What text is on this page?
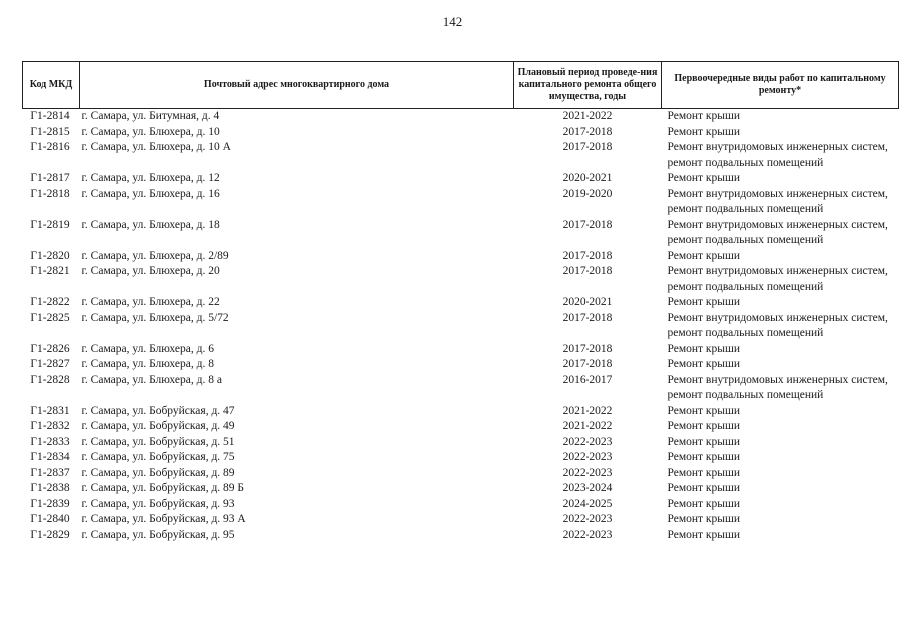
142
Код МКД	Почтовый адрес многоквартирного дома	Плановый период проведе-ния капитального ремонта общего имущества, годы	Первоочередные виды работ по капитальному ремонту*
Г1-2814	г. Самара, ул. Битумная, д. 4	2021-2022	Ремонт крыши

Г1-2815	г. Самара, ул. Блюхера, д. 10	2017-2018	Ремонт крыши

Г1-2816	г. Самара, ул. Блюхера, д. 10 А	2017-2018	Ремонт внутридомовых инженерных систем,
ремонт подвальных помещений

Г1-2817	г. Самара, ул. Блюхера, д. 12	2020-2021	Ремонт крыши

Г1-2818	г. Самара, ул. Блюхера, д. 16	2019-2020	Ремонт внутридомовых инженерных систем,
ремонт подвальных помещений

Г1-2819	г. Самара, ул. Блюхера, д. 18	2017-2018	Ремонт внутридомовых инженерных систем,
ремонт подвальных помещений

Г1-2820	г. Самара, ул. Блюхера, д. 2/89	2017-2018	Ремонт крыши

Г1-2821	г. Самара, ул. Блюхера, д. 20	2017-2018	Ремонт внутридомовых инженерных систем,
ремонт подвальных помещений

Г1-2822	г. Самара, ул. Блюхера, д. 22	2020-2021	Ремонт крыши

Г1-2825	г. Самара, ул. Блюхера, д. 5/72	2017-2018	Ремонт внутридомовых инженерных систем,
ремонт подвальных помещений

Г1-2826	г. Самара, ул. Блюхера, д. 6	2017-2018	Ремонт крыши

Г1-2827	г. Самара, ул. Блюхера, д. 8	2017-2018	Ремонт крыши

Г1-2828	г. Самара, ул. Блюхера, д. 8 а	2016-2017	Ремонт внутридомовых инженерных систем,
ремонт подвальных помещений

Г1-2831	г. Самара, ул. Бобруйская, д. 47	2021-2022	Ремонт крыши

Г1-2832	г. Самара, ул. Бобруйская, д. 49	2021-2022	Ремонт крыши

Г1-2833	г. Самара, ул. Бобруйская, д. 51	2022-2023	Ремонт крыши

Г1-2834	г. Самара, ул. Бобруйская, д. 75	2022-2023	Ремонт крыши

Г1-2837	г. Самара, ул. Бобруйская, д. 89	2022-2023	Ремонт крыши

Г1-2838	г. Самара, ул. Бобруйская, д. 89 Б	2023-2024	Ремонт крыши

Г1-2839	г. Самара, ул. Бобруйская, д. 93	2024-2025	Ремонт крыши

Г1-2840	г. Самара, ул. Бобруйская, д. 93 А	2022-2023	Ремонт крыши

Г1-2829	г. Самара, ул. Бобруйская, д. 95	2022-2023	Ремонт крыши
